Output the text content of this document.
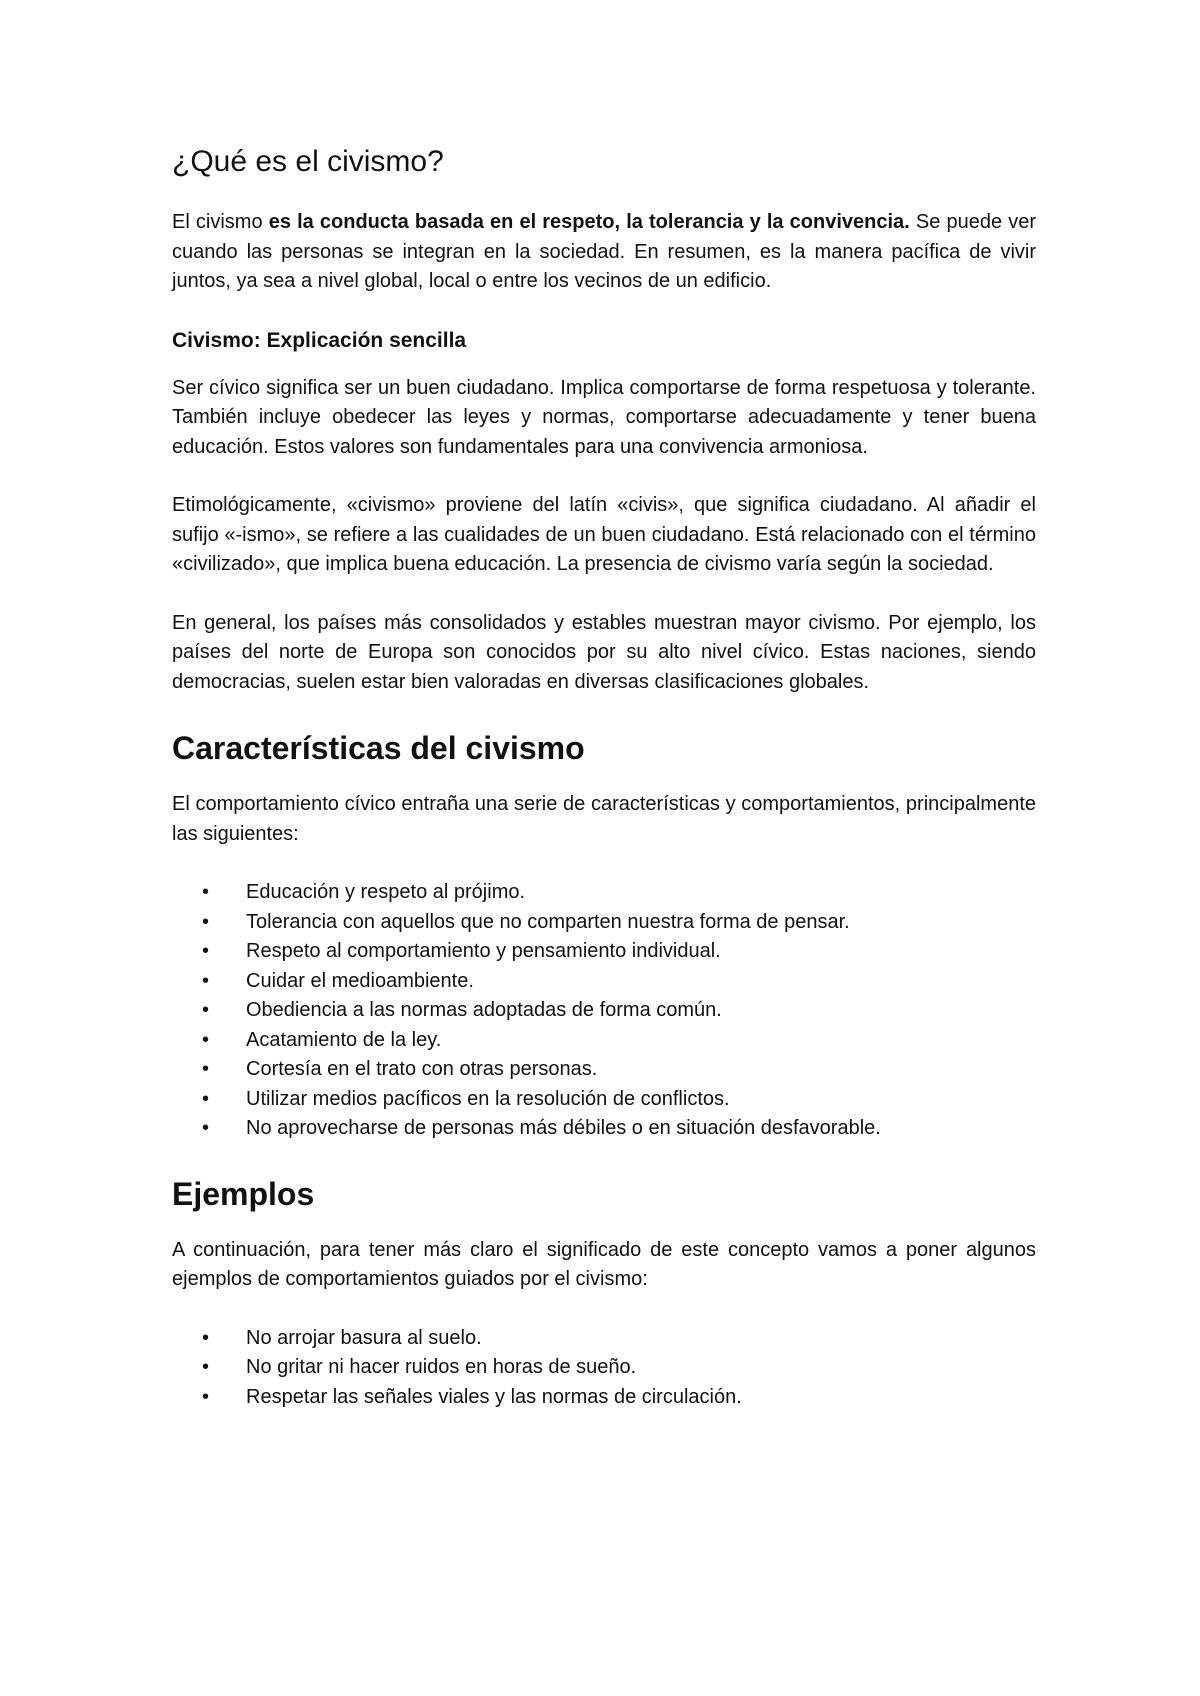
¿Qué es el civismo?

El civismo es la conducta basada en el respeto, la tolerancia y la convivencia. Se puede ver cuando las personas se integran en la sociedad. En resumen, es la manera pacífica de vivir juntos, ya sea a nivel global, local o entre los vecinos de un edificio.

Civismo: Explicación sencilla

Ser cívico significa ser un buen ciudadano. Implica comportarse de forma respetuosa y tolerante. También incluye obedecer las leyes y normas, comportarse adecuadamente y tener buena educación. Estos valores son fundamentales para una convivencia armoniosa.

Etimológicamente, «civismo» proviene del latín «civis», que significa ciudadano. Al añadir el sufijo «-ismo», se refiere a las cualidades de un buen ciudadano. Está relacionado con el término «civilizado», que implica buena educación. La presencia de civismo varía según la sociedad.

En general, los países más consolidados y estables muestran mayor civismo. Por ejemplo, los países del norte de Europa son conocidos por su alto nivel cívico. Estas naciones, siendo democracias, suelen estar bien valoradas en diversas clasificaciones globales.

Características del civismo

El comportamiento cívico entraña una serie de características y comportamientos, principalmente las siguientes:

• Educación y respeto al prójimo.
• Tolerancia con aquellos que no comparten nuestra forma de pensar.
• Respeto al comportamiento y pensamiento individual.
• Cuidar el medioambiente.
• Obediencia a las normas adoptadas de forma común.
• Acatamiento de la ley.
• Cortesía en el trato con otras personas.
• Utilizar medios pacíficos en la resolución de conflictos.
• No aprovecharse de personas más débiles o en situación desfavorable.
Ejemplos

A continuación, para tener más claro el significado de este concepto vamos a poner algunos ejemplos de comportamientos guiados por el civismo:

• No arrojar basura al suelo.
• No gritar ni hacer ruidos en horas de sueño.
• Respetar las señales viales y las normas de circulación.
